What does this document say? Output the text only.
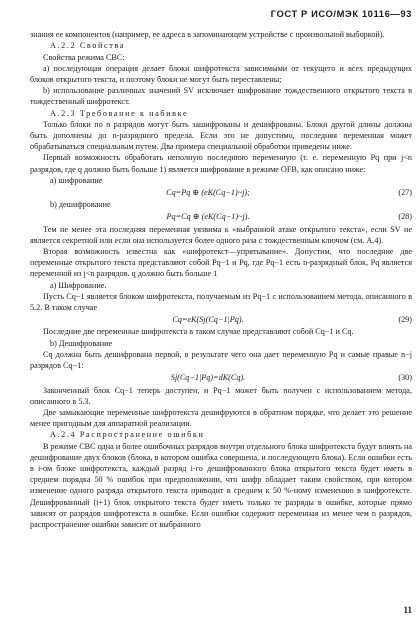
ГОСТ Р ИСО/МЭК 10116—93

знания ее компонентов (например, ее адреса в запоминающем устройстве с произвольной выборкой).

A.2.2 Свойства

Свойства режима СВС:

а) последующая операция делает блоки шифротекста зависимыми от текущего и всех предыдущих блоков открытого текста, и поэтому блоки не могут быть переставлены;

b) использование различных значений SV исключает шифрование тождественного открытого текста в тождественный шифротекст.

A.2.3 Требование к набивке

Только блоки по n разрядов могут быть зашифрованы и дешифрованы. Блоки другой длины должны быть дополнены до n-разрядного предела. Если это не допустимо, последняя переменная может обрабатываться специальным путем. Два примера специальной обработки приведены ниже.

Первый возможность обработать неполную последнюю переменную (т. е. переменную Pq при j<n разрядов, где q должно быть больше 1) является шифрование в режиме OFB, как описано ниже:

а) шифрование

Cq=Pq ⊕ (eK(Cq−1)~j);	(27)

b) дешифрование

Pq=Cq ⊕ (eK(Cq−1)~j).	(28)

Тем не менее эта последняя переменная уязвима к «выбранной атаке открытого текста», если SV не является секретной или если она используется более одного раза с тождественным ключом (см. A.4).

Вторая возможность известна как «шифротекст—упрятывание». Допустим, что последние две переменные открытого текста представляют собой Pq−1 и Pq, где Pq−1 есть n-разрядный блок, Pq является переменной из j<n разрядов. q должно быть больше 1

а) Шифрование.

Пусть Cq−1 является блоком шифротекста, получаемым из Pq−1 с использованием метода, описанного в 5.2. В таком случае

Cq=eK(Sj(Cq−1|Pq).	(29)

Последние две переменные шифротекста в таком случае представляют собой Cq−1 и Cq.

b) Дешифрование

Cq должна быть дешифрована первой, в результате чего она дает переменную Pq и самые правые n−j разрядов Cq−1:

Sj(Cq−1|Pq)=dK(Cq).	(30)

Законченный блок Cq−1 теперь доступен, и Pq−1 может быть получен с использованием метода, описанного в 5.3.

Две замыкающие переменные шифротекста дешифруются в обратном порядке, что делает это решение менее пригодным для аппаратной реализации.

A.2.4 Распространение ошибки

В режиме СВС одна и более ошибочных разрядов внутри отдельного блока шифротекста будут влиять на дешифрование двух блоков (блока, в котором ошибка совершена, и последующего блока). Если ошибки есть в i-ом блоке шифротекста, каждый разряд i-го дешифрованного блока открытого текста будет иметь в среднем порядка 50 % ошибок при предположении, что шифр обладает таким свойством, при котором изменение одного разряда открытого текста приводит в среднем к 50 %-ному изменению в шифротексте. Дешифрованный (i+1) блок открытого текста будет иметь только те разряды в ошибке, которые прямо зависят от разрядов шифротекста в ошибке. Если ошибки содержит переменная из менее чем n разрядов, распространение ошибки зависит от выбранного

11
